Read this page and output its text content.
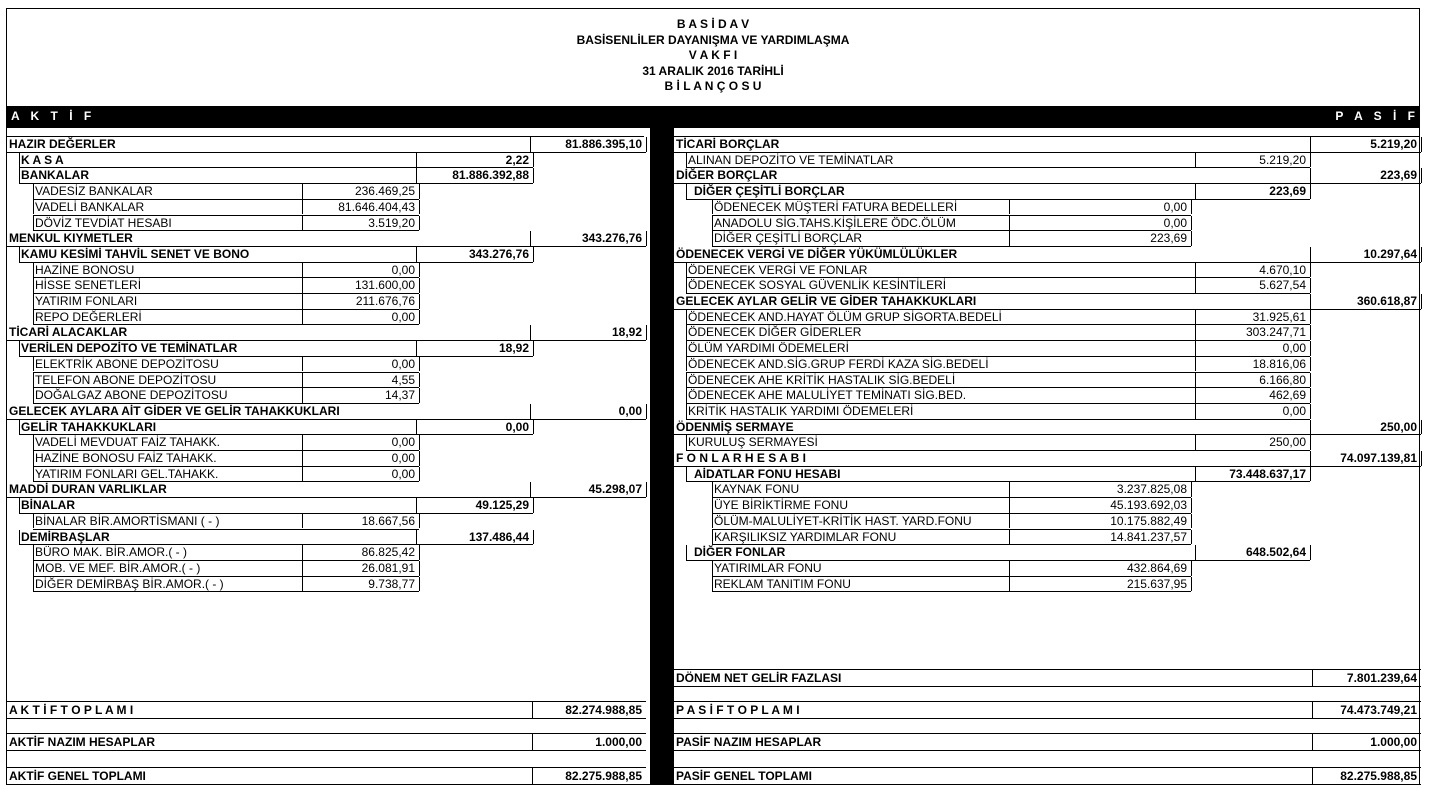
B A S İ D A V
BASİSENLİLER DAYANIŞMA VE YARDIMLAŞMA
V A K F I
31 ARALIK 2016 TARİHLİ
B İ L A N Ç O S U
A K T İ F	P A S İ F
HAZIR DEĞERLER	81.886.395,10
K A S A	2,22
BANKALAR	81.886.392,88
VADESİZ BANKALAR	236.469,25
VADELİ BANKALAR	81.646.404,43
DÖVİZ TEVDİAT HESABI	3.519,20
MENKUL KIYMETLER	343.276,76
KAMU KESİMİ TAHVİL SENET VE BONO	343.276,76
HAZİNE BONOSU	0,00
HİSSE SENETLERİ	131.600,00
YATIRIM FONLARI	211.676,76
REPO DEĞERLERİ	0,00
TİCARİ ALACAKLAR	18,92
VERİLEN DEPOZİTO VE TEMİNATLAR	18,92
ELEKTRİK ABONE DEPOZİTOSU	0,00
TELEFON ABONE DEPOZİTOSU	4,55
DOĞALGAZ ABONE DEPOZİTOSU	14,37
GELECEK AYLARA AİT GİDER VE GELİR TAHAKKUKLARI	0,00
GELİR TAHAKKUKLARI	0,00
VADELİ MEVDUAT FAİZ TAHAKK.	0,00
HAZİNE BONOSU FAİZ TAHAKK.	0,00
YATIRIM FONLARI GEL.TAHAKK.	0,00
MADDİ DURAN VARLIKLAR	45.298,07
BİNALAR	49.125,29
BİNALAR BİR.AMORTİSMANI ( - )	18.667,56
DEMİRBAŞLAR	137.486,44
BÜRO MAK. BİR.AMOR.( - )	86.825,42
MOB. VE MEF. BİR.AMOR.( - )	26.081,91
DİĞER DEMİRBAŞ BİR.AMOR.( - )	9.738,77
A K T İ F T O P L A M I	82.274.988,85
AKTİF NAZIM HESAPLAR	1.000,00
AKTİF GENEL TOPLAMI	82.275.988,85
TİCARİ BORÇLAR	5.219,20
ALINAN DEPOZİTO VE TEMİNATLAR	5.219,20
DİĞER BORÇLAR	223,69
DİĞER ÇEŞİTLİ BORÇLAR	223,69
ÖDENECEK MÜŞTERİ FATURA BEDELLERİ	0,00
ANADOLU SİG.TAHS.KİŞİLERE ÖDC.ÖLÜM	0,00
DİĞER ÇEŞİTLİ BORÇLAR	223,69
ÖDENECEK VERGİ VE DİĞER YÜKÜMLÜLÜKLER	10.297,64
ÖDENECEK VERGİ VE FONLAR	4.670,10
ÖDENECEK SOSYAL GÜVENLİK KESİNTİLERİ	5.627,54
GELECEK AYLAR GELİR VE GİDER TAHAKKUKLARI	360.618,87
ÖDENECEK AND.HAYAT ÖLÜM GRUP SİGORTA.BEDELİ	31.925,61
ÖDENECEK DİĞER GİDERLER	303.247,71
ÖLÜM YARDIMI ÖDEMELERİ	0,00
ÖDENECEK AND.SİG.GRUP FERDİ KAZA SİG.BEDELİ	18.816,06
ÖDENECEK AHE KRİTİK HASTALIK SİG.BEDELİ	6.166,80
ÖDENECEK AHE MALULİYET TEMİNATI SİG.BED.	462,69
KRİTİK HASTALIK YARDIMI ÖDEMELERİ	0,00
ÖDENMİŞ SERMAYE	250,00
KURULUŞ SERMAYESİ	250,00
F O N L A R H E S A B I	74.097.139,81
AİDATLAR FONU HESABI	73.448.637,17
KAYNAK FONU	3.237.825,08
ÜYE BİRİKTİRME FONU	45.193.692,03
ÖLÜM-MALULİYET-KRİTİK HAST. YARD.FONU	10.175.882,49
KARŞILIKSIZ YARDIMLAR FONU	14.841.237,57
DİĞER FONLAR	648.502,64
YATIRIMLAR FONU	432.864,69
REKLAM TANITIM FONU	215.637,95
DÖNEM NET GELİR FAZLASI	7.801.239,64
P A S İ F T O P L A M I	74.473.749,21
PASİF NAZIM HESAPLAR	1.000,00
PASİF GENEL TOPLAMI	82.275.988,85
